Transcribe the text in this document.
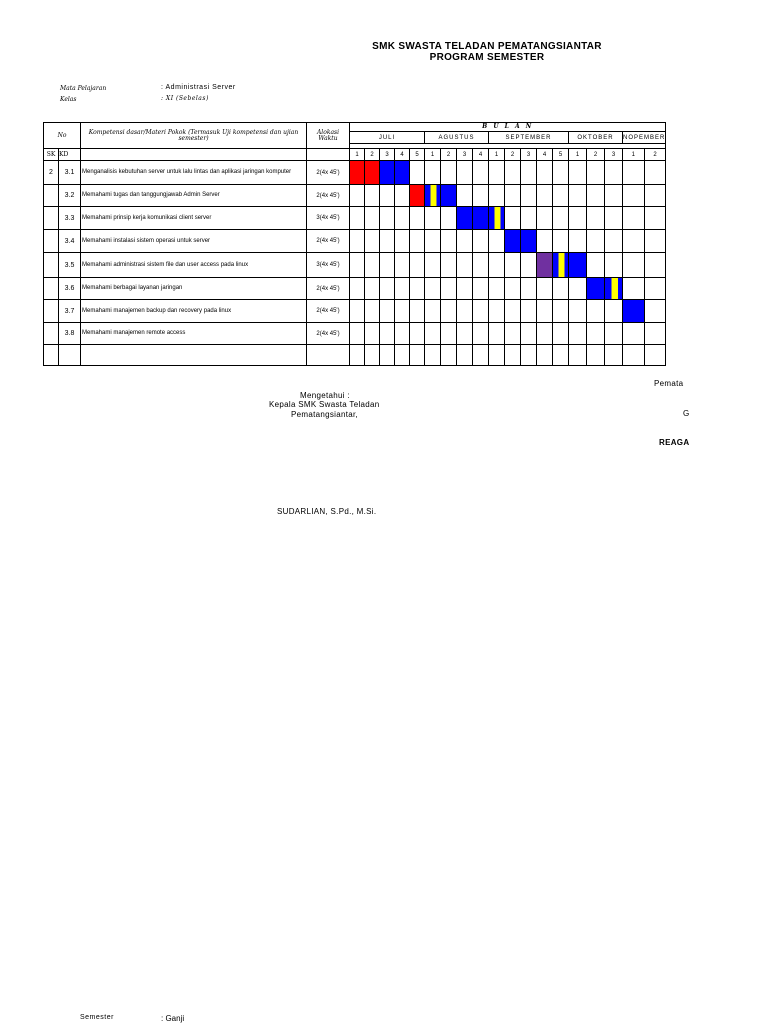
SMK SWASTA TELADAN PEMATANGSIANTAR
PROGRAM SEMESTER
Mata Pelajaran	: Administrasi Server
Kelas	: XI (Sebelas)
No		Kompetensi dasar/Materi Pokok (Termasuk Uji kompetensi dan ujian semester)	Alokasi Waktu	B U L A N																		
				JULI					AGUSTUS				SEPTEMBER					OKTOBER			NOPEMBER	

SK	KD			1	2	3	4	5	1	2	3	4	1	2	3	4	5	1	2	3	1	2
2	3.1	Menganalisis kebutuhan server untuk lalu lintas dan aplikasi jaringan komputer	2(4x 45')																			
	3.2	Memahami tugas dan tanggungjawab Admin Server	2(4x 45')																			
	3.3	Memahami prinsip kerja komunikasi client server	3(4x 45')																			
	3.4	Memahami instalasi sistem operasi untuk server	2(4x 45')																			
	3.5	Memahami administrasi sistem file dan user access pada linux	3(4x 45')																			
	3.6	Memahami berbagai layanan jaringan	2(4x 45')																			
	3.7	Memahami manajemen backup dan recovery pada linux	2(4x 45')																			
	3.8	Memahami manajemen remote access	2(4x 45')																			

Mengetahui :
Kepala SMK Swasta Teladan
Pematangsiantar,
SUDARLIAN, S.Pd., M.Si.
Pemata
G
REAGA
Semester	: Ganji
